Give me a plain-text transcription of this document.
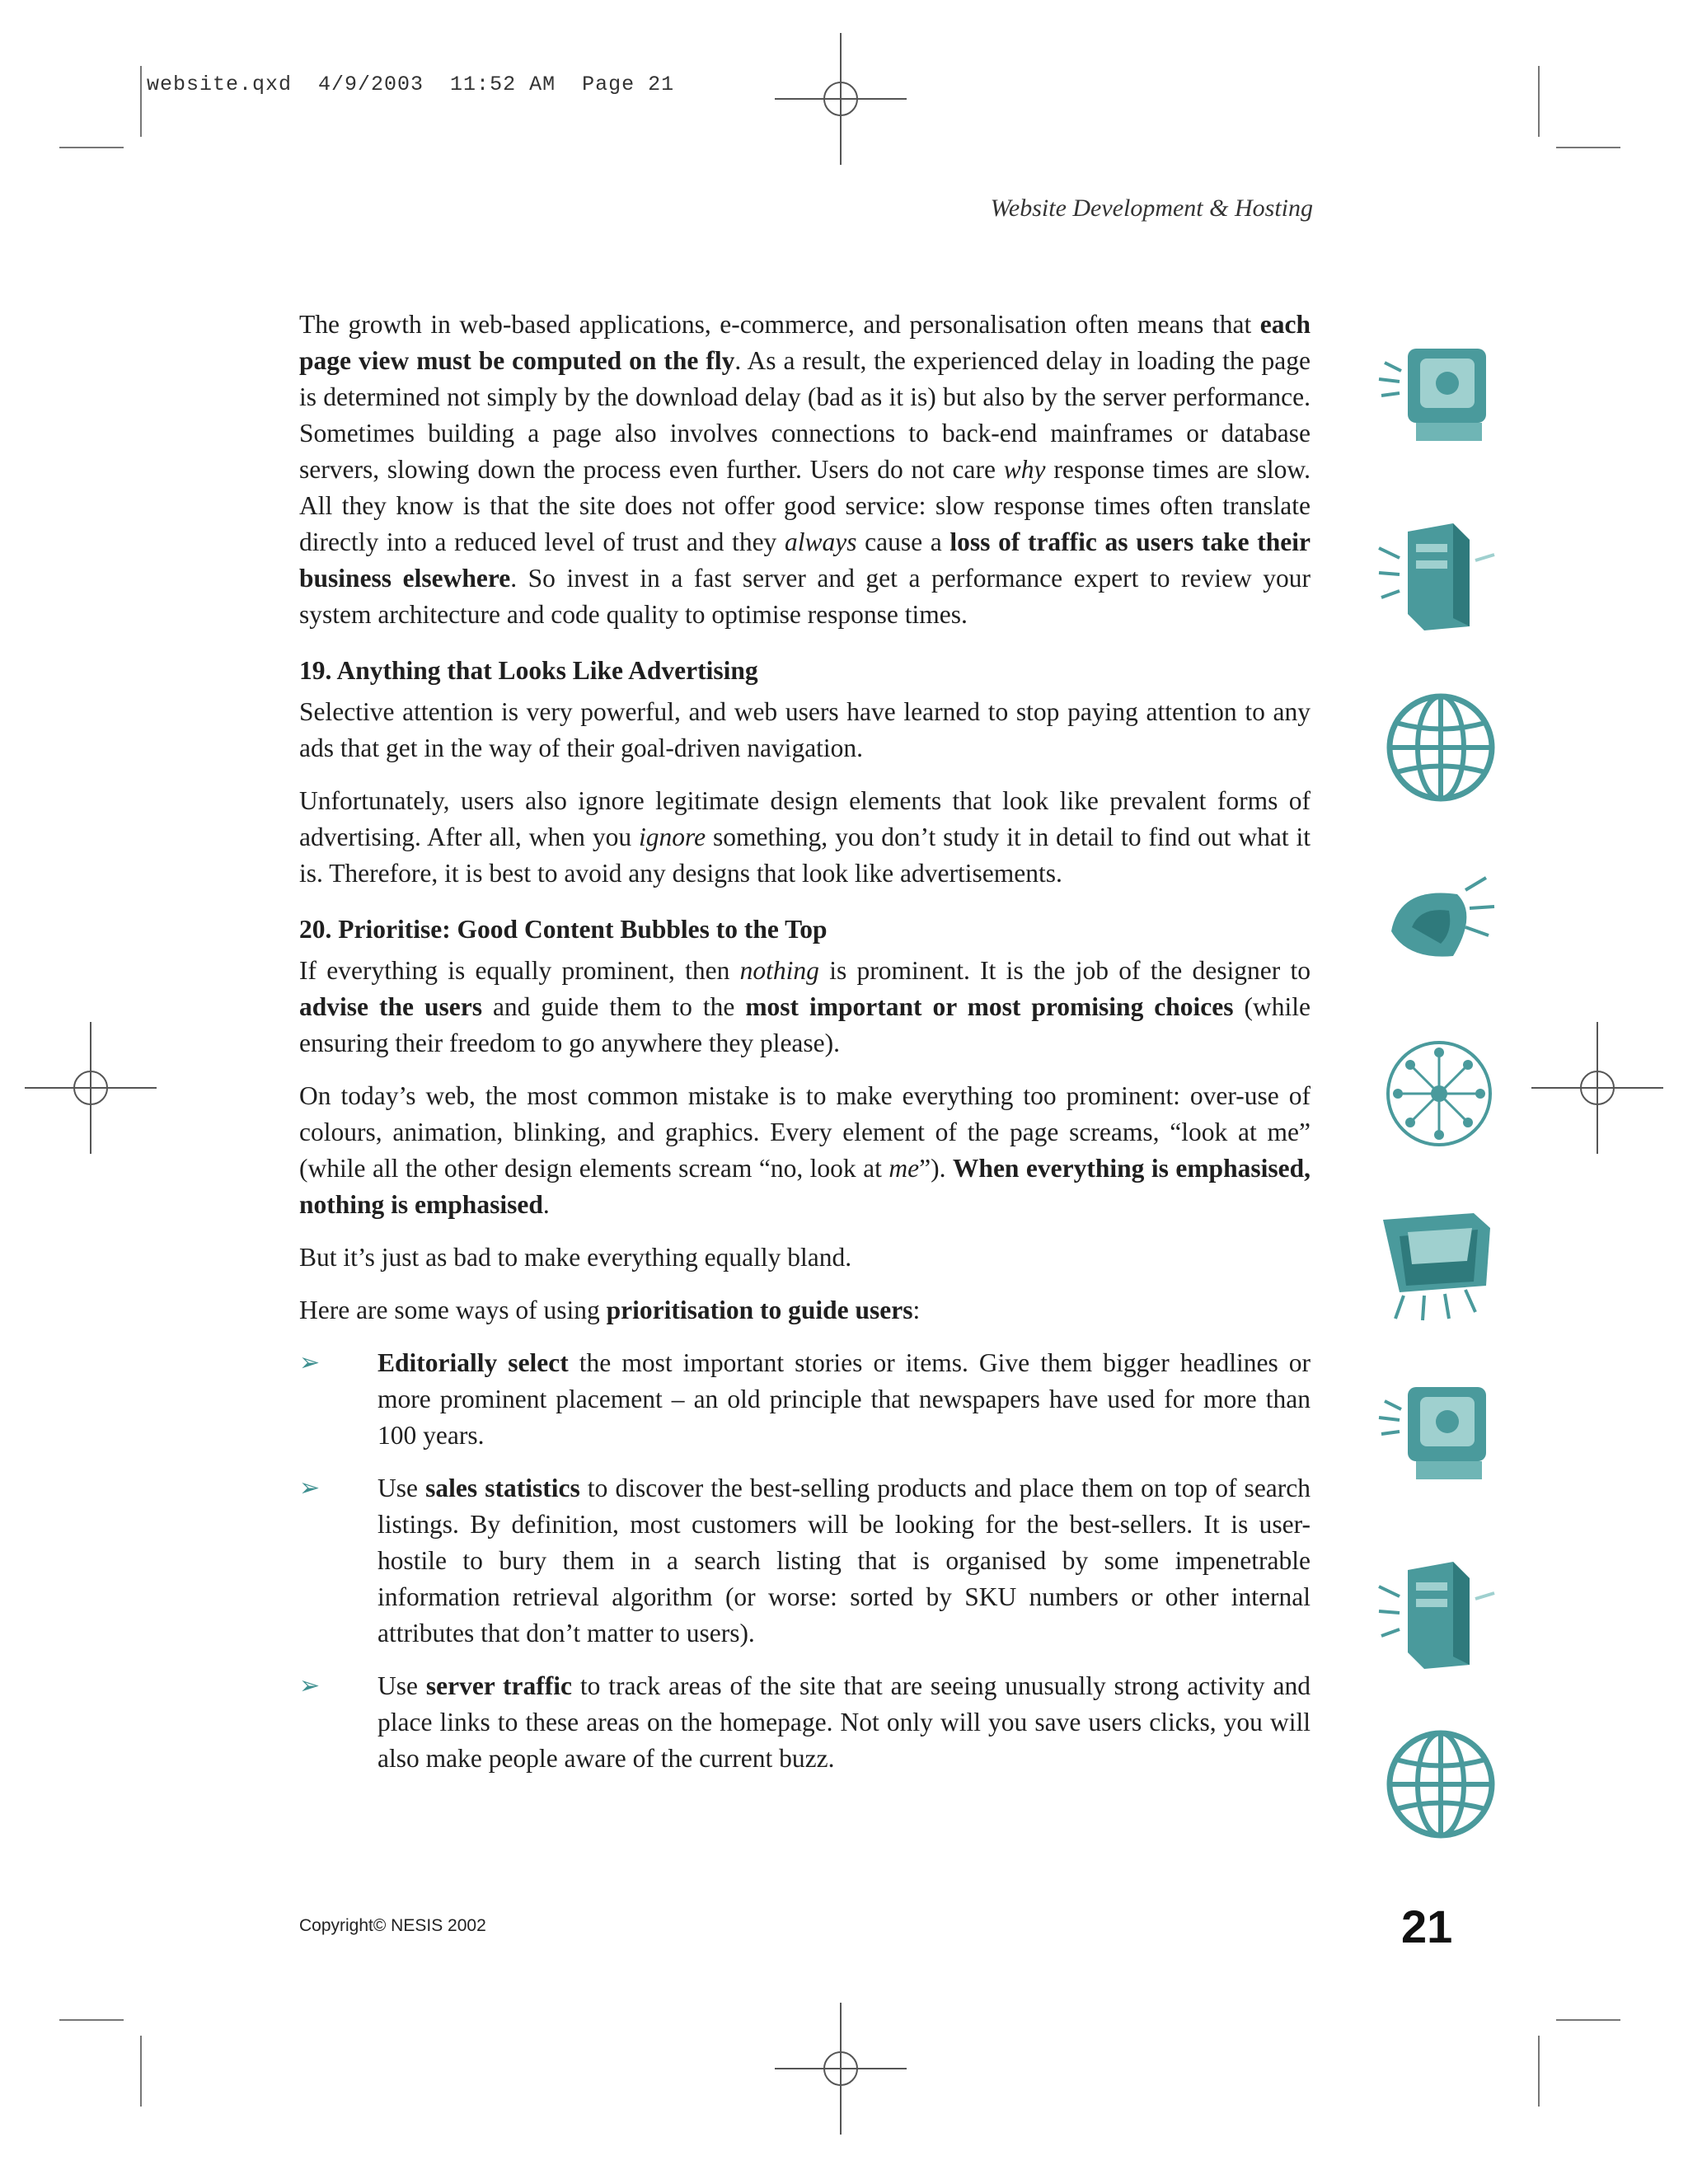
website.qxd  4/9/2003  11:52 AM  Page 21
Website Development & Hosting

The growth in web-based applications, e-commerce, and personalisation often means that each page view must be computed on the fly. As a result, the experienced delay in loading the page is determined not simply by the download delay (bad as it is) but also by the server performance. Sometimes building a page also involves connections to back-end mainframes or database servers, slowing down the process even further. Users do not care why response times are slow. All they know is that the site does not offer good service: slow response times often translate directly into a reduced level of trust and they always cause a loss of traffic as users take their business elsewhere. So invest in a fast server and get a performance expert to review your system architecture and code quality to optimise response times.

19. Anything that Looks Like Advertising

Selective attention is very powerful, and web users have learned to stop paying attention to any ads that get in the way of their goal-driven navigation.

Unfortunately, users also ignore legitimate design elements that look like prevalent forms of advertising. After all, when you ignore something, you don’t study it in detail to find out what it is. Therefore, it is best to avoid any designs that look like advertisements.

20. Prioritise: Good Content Bubbles to the Top

If everything is equally prominent, then nothing is prominent. It is the job of the designer to advise the users and guide them to the most important or most promising choices (while ensuring their freedom to go anywhere they please).

On today’s web, the most common mistake is to make everything too prominent: over-use of colours, animation, blinking, and graphics. Every element of the page screams, “look at me” (while all the other design elements scream “no, look at me”). When everything is emphasised, nothing is emphasised.

But it’s just as bad to make everything equally bland.

Here are some ways of using prioritisation to guide users:

➢ Editorially select the most important stories or items. Give them bigger headlines or more prominent placement – an old principle that newspapers have used for more than 100 years.
➢ Use sales statistics to discover the best-selling products and place them on top of search listings. By definition, most customers will be looking for the best-sellers. It is user-hostile to bury them in a search listing that is organised by some impenetrable information retrieval algorithm (or worse: sorted by SKU numbers or other internal attributes that don’t matter to users).
➢ Use server traffic to track areas of the site that are seeing unusually strong activity and place links to these areas on the homepage. Not only will you save users clicks, you will also make people aware of the current buzz.
Copyright© NESIS 2002	21
